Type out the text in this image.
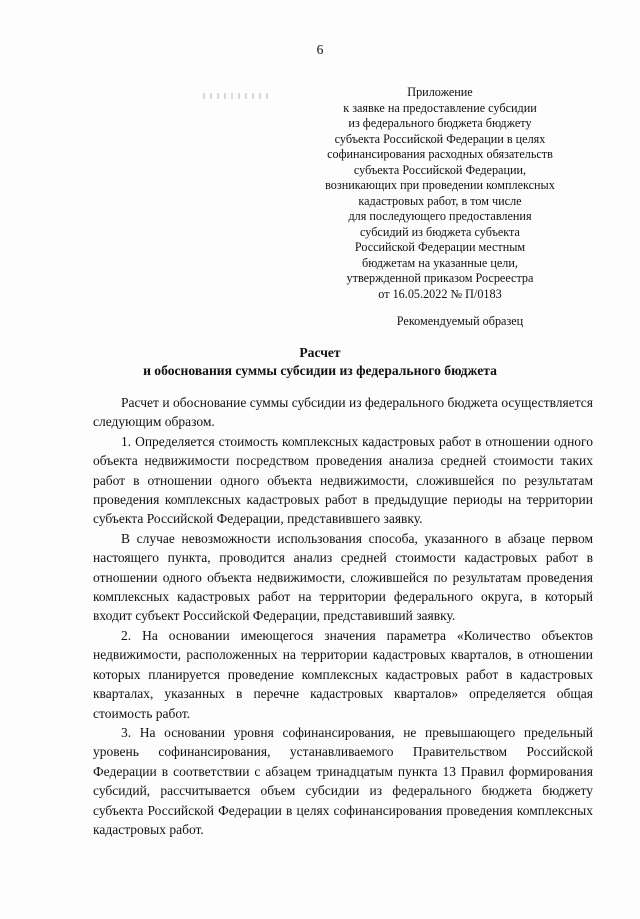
6
Приложение
к заявке на предоставление субсидии
из федерального бюджета бюджету
субъекта Российской Федерации в целях
софинансирования расходных обязательств
субъекта Российской Федерации,
возникающих при проведении комплексных
кадастровых работ, в том числе
для последующего предоставления
субсидий из бюджета субъекта
Российской Федерации местным
бюджетам на указанные цели,
утвержденной приказом Росреестра
от 16.05.2022 № П/0183
Рекомендуемый образец
Расчет
и обоснования суммы субсидии из федерального бюджета

Расчет и обоснование суммы субсидии из федерального бюджета осуществляется следующим образом.

1. Определяется стоимость комплексных кадастровых работ в отношении одного объекта недвижимости посредством проведения анализа средней стоимости таких работ в отношении одного объекта недвижимости, сложившейся по результатам проведения комплексных кадастровых работ в предыдущие периоды на территории субъекта Российской Федерации, представившего заявку.

В случае невозможности использования способа, указанного в абзаце первом настоящего пункта, проводится анализ средней стоимости кадастровых работ в отношении одного объекта недвижимости, сложившейся по результатам проведения комплексных кадастровых работ на территории федерального округа, в который входит субъект Российской Федерации, представивший заявку.

2. На основании имеющегося значения параметра «Количество объектов недвижимости, расположенных на территории кадастровых кварталов, в отношении которых планируется проведение комплексных кадастровых работ в кадастровых кварталах, указанных в перечне кадастровых кварталов» определяется общая стоимость работ.

3. На основании уровня софинансирования, не превышающего предельный уровень софинансирования, устанавливаемого Правительством Российской Федерации в соответствии с абзацем тринадцатым пункта 13 Правил формирования субсидий, рассчитывается объем субсидии из федерального бюджета бюджету субъекта Российской Федерации в целях софинансирования проведения комплексных кадастровых работ.
